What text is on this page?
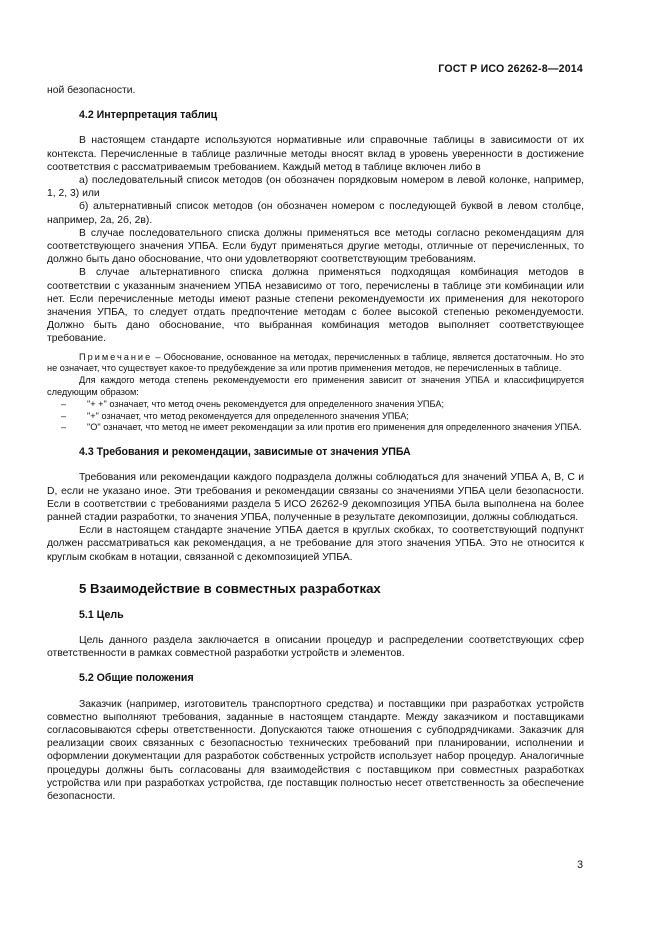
ГОСТ Р ИСО 26262-8—2014

ной безопасности.

4.2 Интерпретация таблиц

В настоящем стандарте используются нормативные или справочные таблицы в зависимости от их контекста. Перечисленные в таблице различные методы вносят вклад в уровень уверенности в достижение соответствия с рассматриваемым требованием. Каждый метод в таблице включен либо в

а) последовательный список методов (он обозначен порядковым номером в левой колонке, например, 1, 2, 3) или

б) альтернативный список методов (он обозначен номером с последующей буквой в левом столбце, например, 2а, 2б, 2в).

В случае последовательного списка должны применяться все методы согласно рекомендациям для соответствующего значения УПБА. Если будут применяться другие методы, отличные от перечисленных, то должно быть дано обоснование, что они удовлетворяют соответствующим требованиям.

В случае альтернативного списка должна применяться подходящая комбинация методов в соответствии с указанным значением УПБА независимо от того, перечислены в таблице эти комбинации или нет. Если перечисленные методы имеют разные степени рекомендуемости их применения для некоторого значения УПБА, то следует отдать предпочтение методам с более высокой степенью рекомендуемости. Должно быть дано обоснование, что выбранная комбинация методов выполняет соответствующее требование.

Примечание – Обоснование, основанное на методах, перечисленных в таблице, является достаточным. Но это не означает, что существует какое-то предубеждение за или против применения методов, не перечисленных в таблице.

Для каждого метода степень рекомендуемости его применения зависит от значения УПБА и классифицируется следующим образом:

– "+ +" означает, что метод очень рекомендуется для определенного значения УПБА;
– "+" означает, что метод рекомендуется для определенного значения УПБА;
– "О" означает, что метод не имеет рекомендации за или против его применения для определенного значения УПБА.

4.3 Требования и рекомендации, зависимые от значения УПБА

Требования или рекомендации каждого подраздела должны соблюдаться для значений УПБА А, В, С и D, если не указано иное. Эти требования и рекомендации связаны со значениями УПБА цели безопасности. Если в соответствии с требованиями раздела 5 ИСО 26262-9 декомпозиция УПБА была выполнена на более ранней стадии разработки, то значения УПБА, полученные в результате декомпозиции, должны соблюдаться.

Если в настоящем стандарте значение УПБА дается в круглых скобках, то соответствующий подпункт должен рассматриваться как рекомендация, а не требование для этого значения УПБА. Это не относится к круглым скобкам в нотации, связанной с декомпозицией УПБА.

5 Взаимодействие в совместных разработках

5.1 Цель

Цель данного раздела заключается в описании процедур и распределении соответствующих сфер ответственности в рамках совместной разработки устройств и элементов.

5.2 Общие положения

Заказчик (например, изготовитель транспортного средства) и поставщики при разработках устройств совместно выполняют требования, заданные в настоящем стандарте. Между заказчиком и поставщиками согласовываются сферы ответственности. Допускаются также отношения с субподрядчиками. Заказчик для реализации своих связанных с безопасностью технических требований при планировании, исполнении и оформлении документации для разработок собственных устройств использует набор процедур. Аналогичные процедуры должны быть согласованы для взаимодействия с поставщиком при совместных разработках устройства или при разработках устройства, где поставщик полностью несет ответственность за обеспечение безопасности.

3
